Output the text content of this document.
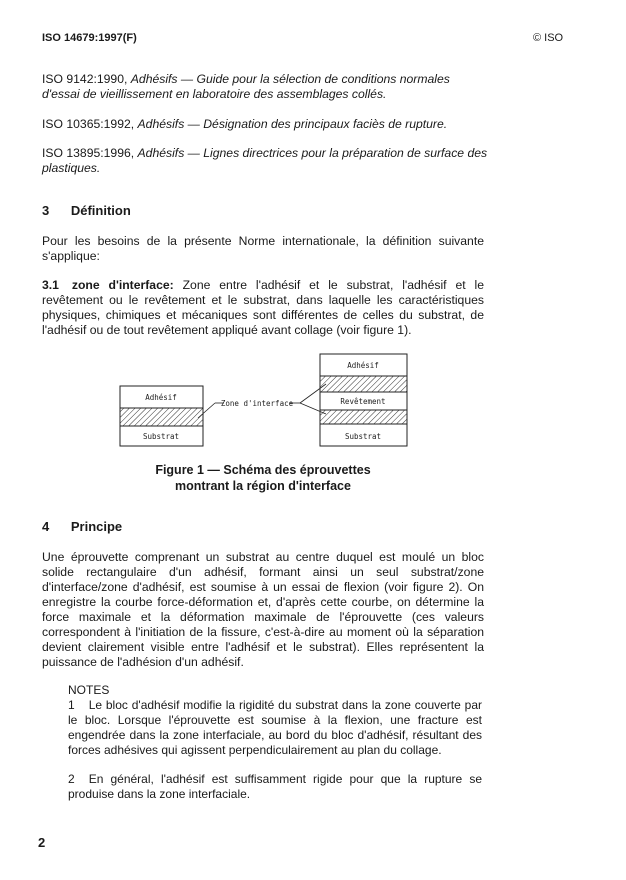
ISO 14679:1997(F)	© ISO
ISO 9142:1990, Adhésifs — Guide pour la sélection de conditions normales d'essai de vieillissement en laboratoire des assemblages collés.
ISO 10365:1992, Adhésifs — Désignation des principaux faciès de rupture.
ISO 13895:1996, Adhésifs — Lignes directrices pour la préparation de surface des plastiques.
3 Définition
Pour les besoins de la présente Norme internationale, la définition suivante s'applique:
3.1 zone d'interface: Zone entre l'adhésif et le substrat, l'adhésif et le revêtement ou le revêtement et le substrat, dans laquelle les caractéristiques physiques, chimiques et mécaniques sont différentes de celles du substrat, de l'adhésif ou de tout revêtement appliqué avant collage (voir figure 1).
Adhésif
Substrat
Zone d'interface
Adhésif
Revêtement
Substrat
Figure 1 — Schéma des éprouvettes
montrant la région d'interface
4 Principe
Une éprouvette comprenant un substrat au centre duquel est moulé un bloc solide rectangulaire d'un adhésif, formant ainsi un seul substrat/zone d'interface/zone d'adhésif, est soumise à un essai de flexion (voir figure 2). On enregistre la courbe force-déformation et, d'après cette courbe, on détermine la force maximale et la déformation maximale de l'éprouvette (ces valeurs correspondent à l'initiation de la fissure, c'est-à-dire au moment où la séparation devient clairement visible entre l'adhésif et le substrat). Elles représentent la puissance de l'adhésion d'un adhésif.
NOTES
1 Le bloc d'adhésif modifie la rigidité du substrat dans la zone couverte par le bloc. Lorsque l'éprouvette est soumise à la flexion, une fracture est engendrée dans la zone interfaciale, au bord du bloc d'adhésif, résultant des forces adhésives qui agissent perpendiculairement au plan du collage.
2 En général, l'adhésif est suffisamment rigide pour que la rupture se produise dans la zone interfaciale.
2
